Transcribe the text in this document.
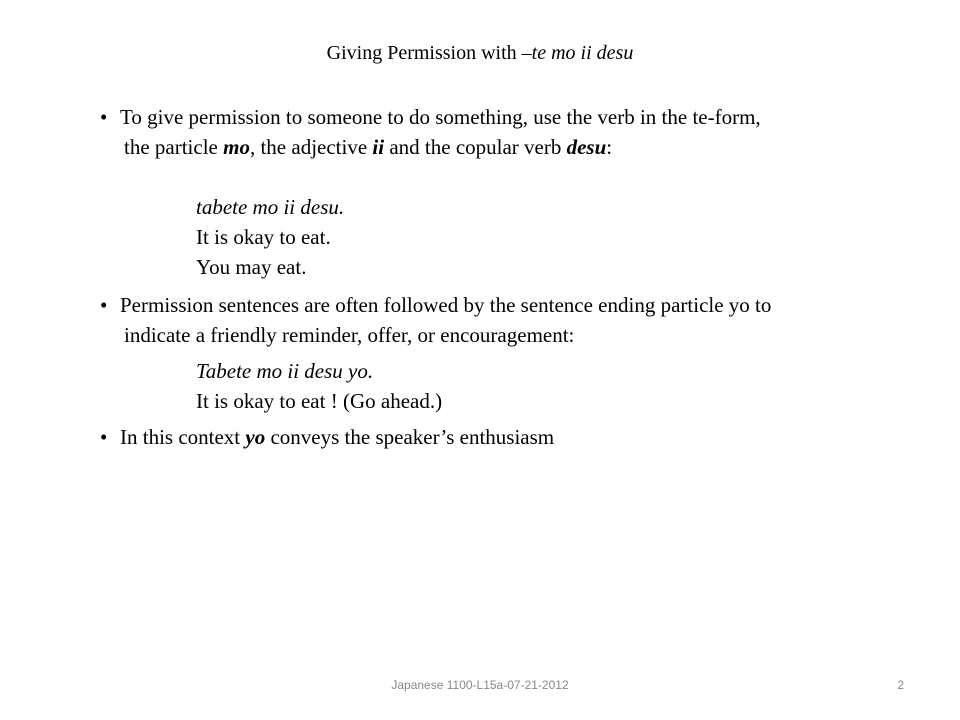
Giving Permission with –te mo ii desu
• To give permission to someone to do something, use the verb in the te-form,
the particle mo, the adjective ii and the copular verb desu:
tabete mo ii desu.
It is okay to eat.
You may eat.
• Permission sentences are often followed by the sentence ending particle yo to
indicate a friendly reminder, offer, or encouragement:
Tabete mo ii desu yo.
It is okay to eat ! (Go ahead.)
• In this context yo conveys the speaker’s enthusiasm
Japanese 1100-L15a-07-21-2012	2
